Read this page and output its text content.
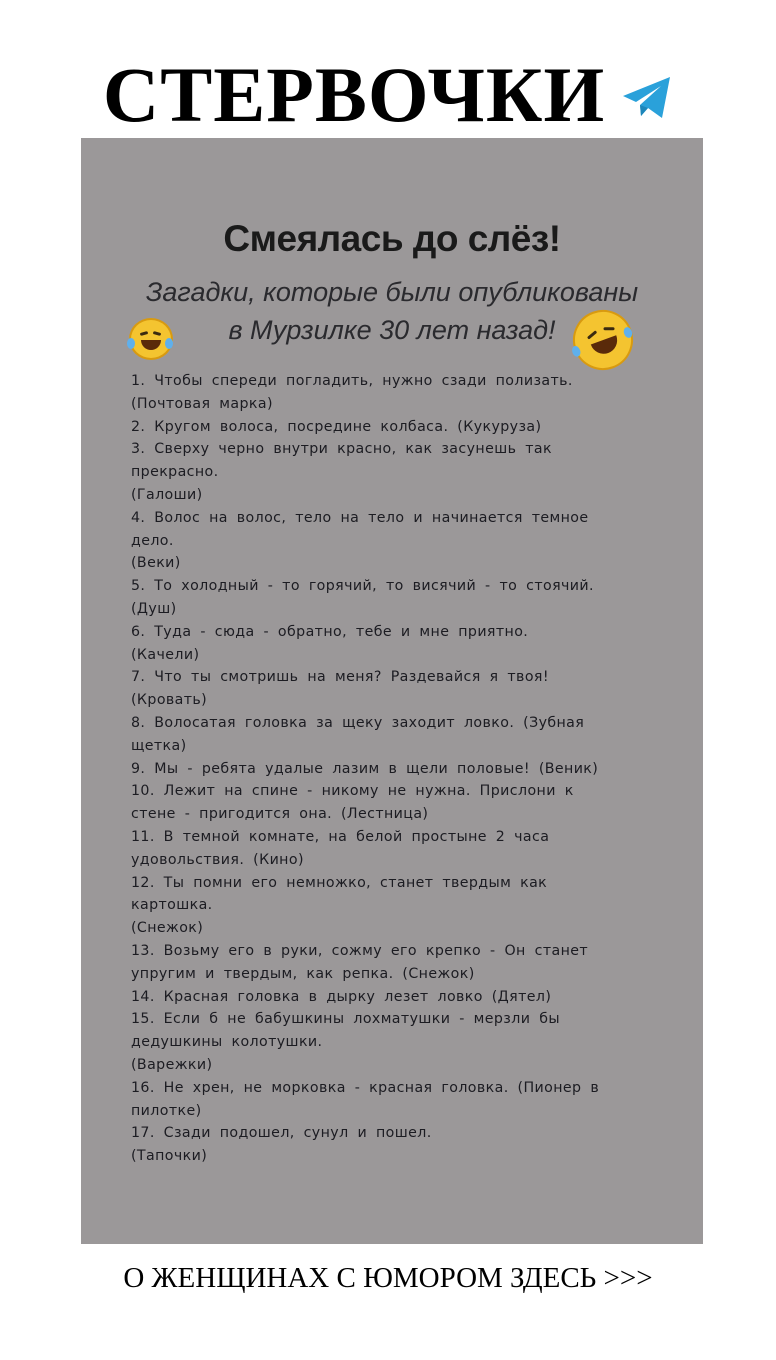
СТЕРВОЧКИ
Смеялась до слёз!
Загадки, которые были опубликованы
в Мурзилке 30 лет назад!
1. Чтобы спереди погладить, нужно сзади полизать.
(Почтовая марка)
2. Кругом волоса, посредине колбаса. (Кукуруза)
3. Сверху черно внутри красно, как засунешь так
прекрасно.
(Галоши)
4. Волос на волос, тело на тело и начинается темное
дело.
(Веки)
5. То холодный - то горячий, то висячий - то стоячий.
(Душ)
6. Туда - сюда - обратно, тебе и мне приятно.
(Качели)
7. Что ты смотришь на меня? Раздевайся я твоя!
(Кровать)
8. Волосатая головка за щеку заходит ловко. (Зубная
щетка)
9. Мы - ребята удалые лазим в щели половые! (Веник)
10. Лежит на спине - никому не нужна. Прислони к
стене - пригодится она. (Лестница)
11. В темной комнате, на белой простыне 2 часа
удовольствия. (Кино)
12. Ты помни его немножко, станет твердым как
картошка.
(Снежок)
13. Возьму его в руки, сожму его крепко - Он станет
упругим и твердым, как репка. (Снежок)
14. Красная головка в дырку лезет ловко (Дятел)
15. Если б не бабушкины лохматушки - мерзли бы
дедушкины колотушки.
(Варежки)
16. Не хрен, не морковка - красная головка. (Пионер в
пилотке)
17. Сзади подошел, сунул и пошел.
(Тапочки)
О ЖЕНЩИНАХ С ЮМОРОМ ЗДЕСЬ >>>
